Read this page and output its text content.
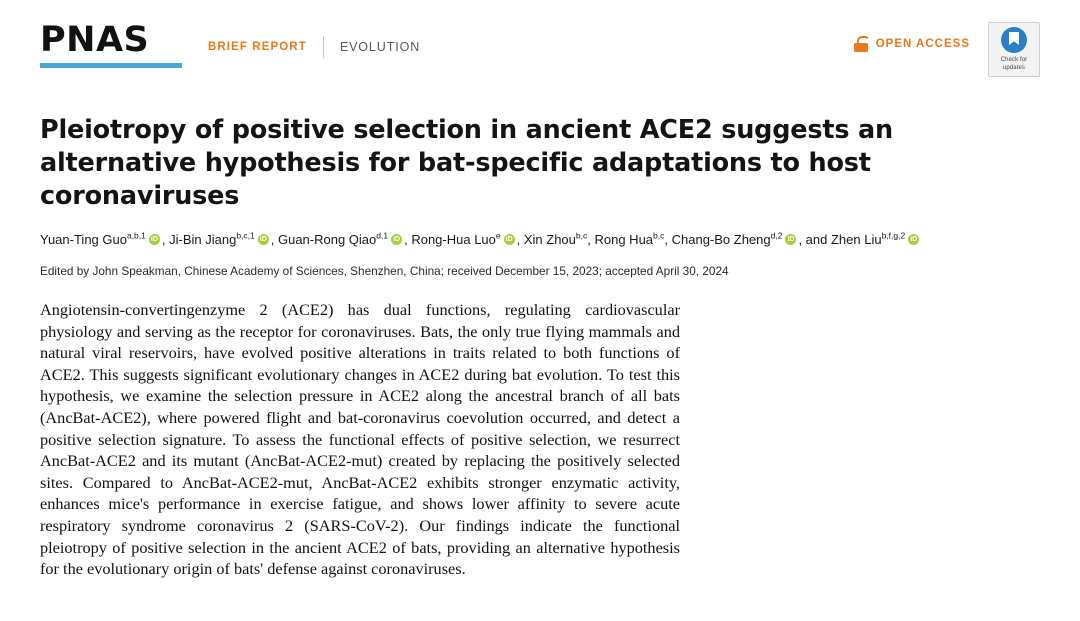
PNAS	BRIEF REPORT	EVOLUTION	OPEN ACCESS
Check for
updates
Pleiotropy of positive selection in ancient ACE2 suggests an alternative hypothesis for bat-specific adaptations to host coronaviruses
Yuan-Ting Guo$^{a,b,1}$ iD , Ji-Bin Jiang$^{b,c,1}$ iD , Guan-Rong Qiao$^{d,1}$ iD , Rong-Hua Luo$^e$ iD , Xin Zhou$^{b,c}$, Rong Hua$^{b,c}$, Chang-Bo Zheng$^{d,2}$ iD , and Zhen Liu$^{b,f,g,2}$iD
Edited by John Speakman, Chinese Academy of Sciences, Shenzhen, China; received December 15, 2023; accepted April 30, 2024
Angiotensin-convertingenzyme 2 (ACE2) has dual functions, regulating cardiovascular physiology and serving as the receptor for coronaviruses. Bats, the only true flying mammals and natural viral reservoirs, have evolved positive alterations in traits related to both functions of ACE2. This suggests significant evolutionary changes in ACE2 during bat evolution. To test this hypothesis, we examine the selection pressure in ACE2 along the ancestral branch of all bats (AncBat-ACE2), where powered flight and bat-coronavirus coevolution occurred, and detect a positive selection signature. To assess the functional effects of positive selection, we resurrect AncBat-ACE2 and its mutant (AncBat-ACE2-mut) created by replacing the positively selected sites. Compared to AncBat-ACE2-mut, AncBat-ACE2 exhibits stronger enzymatic activity, enhances mice's performance in exercise fatigue, and shows lower affinity to severe acute respiratory syndrome coronavirus 2 (SARS-CoV-2). Our findings indicate the functional pleiotropy of positive selection in the ancient ACE2 of bats, providing an alternative hypothesis for the evolutionary origin of bats' defense against coronaviruses.
